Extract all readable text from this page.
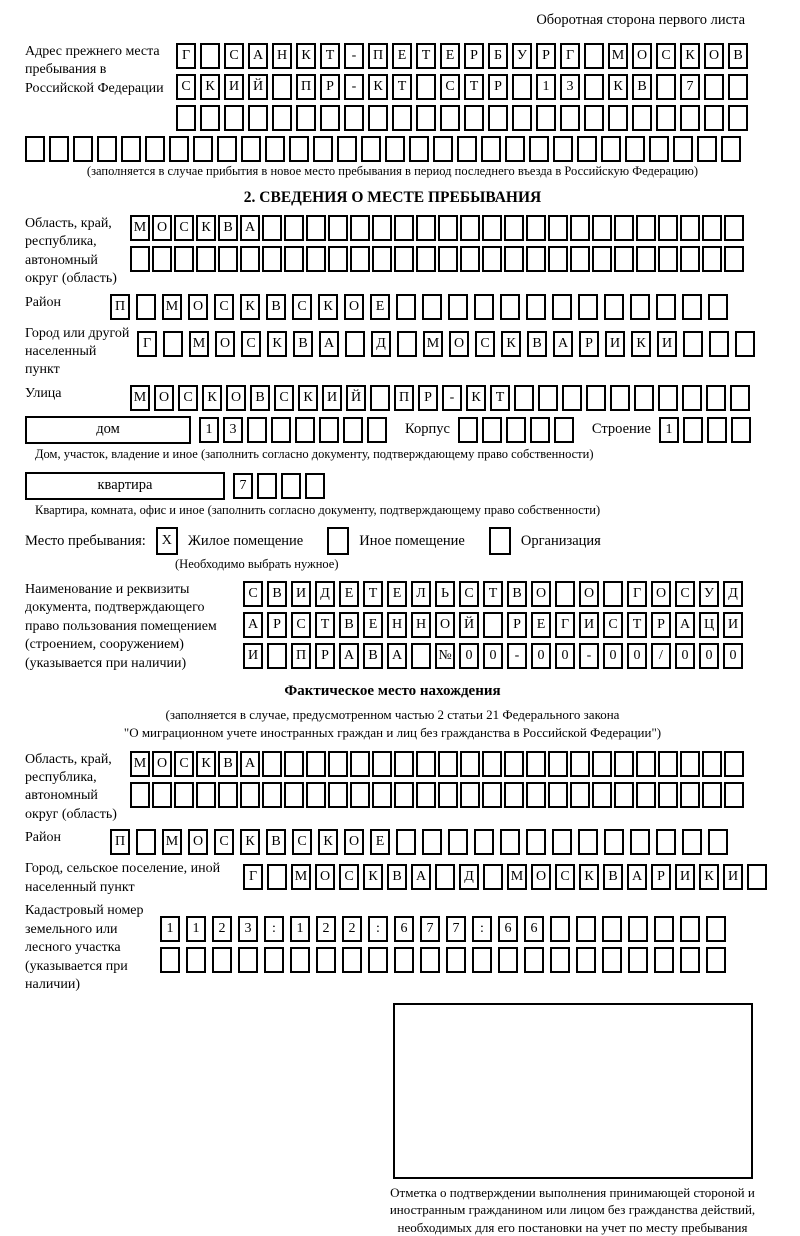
Оборотная сторона первого листа
Адрес прежнего места пребывания в Российской Федерации
Г	С	А Н	К	Т	-	П	Е	Т	Е	Р	Б	У	Р	Г	М О	С	К	О	В
С	К	И Й	П	Р	-	К	Т	С	Т	Р	1	3	К	В	7
(заполняется в случае прибытия в новое место пребывания в период последнего въезда в Российскую Федерацию)
2. СВЕДЕНИЯ О МЕСТЕ ПРЕБЫВАНИЯ
Область, край, республика, автономный округ (область)
М О С К В А
Район	П	М	О	С	К	В	С	К	О	Е
Город или другой населенный пункт
Г	М	О	С	К	В	А	Д	М	О	С	К	В	А	Р	И	К	И
Улица	М О	С	К	О	В	С	К	И Й	П	Р	-	К	Т
дом	1	3	Корпус	Строение	1
Дом, участок, владение и иное (заполнить согласно документу, подтверждающему право собственности)
квартира	7
Квартира, комната, офис и иное (заполнить согласно документу, подтверждающему право собственности)
Место пребывания:	X	Жилое помещение	Иное помещение	Организация
(Необходимо выбрать нужное)
Наименование и реквизиты документа, подтверждающего право пользования помещением (строением, сооружением) (указывается при наличии)
С	В	И	Д	Е	Т	Е	Л	Ь	С	Т	В	О	О	Г	О	С	У	Д
А	Р	С	Т	В	Е	Н Н О Й	Р	Е	Г	И	С	Т	Р	А Ц И
И	П	Р	А	В	А	№ 0	0	-	0	0	-	0	0	/	0	0	0
Фактическое место нахождения
(заполняется в случае, предусмотренном частью 2 статьи 21 Федерального закона
"О миграционном учете иностранных граждан и лиц без гражданства в Российской Федерации")
Область, край, республика, автономный округ (область)
М О С К В А
Район	П	М	О	С	К	В	С	К	О	Е
Город, сельское поселение, иной населенный пункт
Г	М О	С	К	В	А	Д	М О	С	К	В	А	Р	И	К	И
Кадастровый номер земельного или лесного участка (указывается при наличии)
1	1	2	3	:	1	2	2	:	6	7	7	:	6	6
Отметка о подтверждении выполнения принимающей стороной и иностранным гражданином или лицом без гражданства действий, необходимых для его постановки на учет по месту пребывания
